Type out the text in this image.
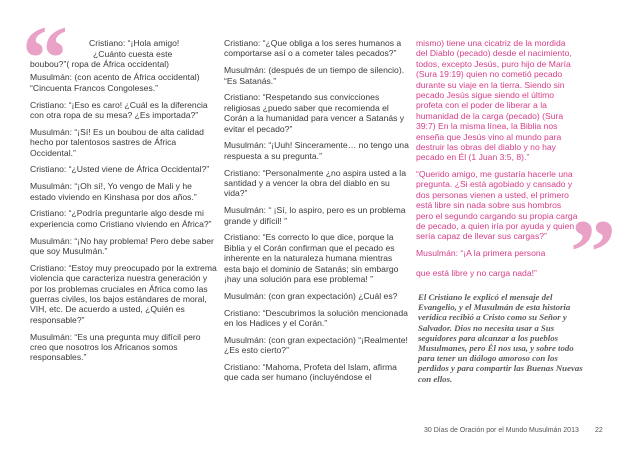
“	Cristiano: “¡Hola amigo!
¿Cuánto cuesta este

boubou?”( ropa de África occidental)

Musulmán: (con acento de África occidental) “Cincuenta Francos Congoleses.”

Cristiano: “¡Eso es caro! ¿Cuál es la diferencia con otra ropa de su mesa? ¿Es importada?”

Musulmán: “¡Sí! Es un boubou de alta calidad hecho por talentosos sastres de África Occidental.”

Cristiano: “¿Usted viene de África Occidental?”

Musulmán: “¡Oh sí!, Yo vengo de Mali y he estado viviendo en Kinshasa por dos años.”

Cristiano: “¿Podría preguntarle algo desde mi experiencia como Cristiano viviendo en África?”

Musulmán: “¡No hay problema! Pero debe saber que soy Musulmán.”

Cristiano: “Estoy muy preocupado por la extrema violencia que caracteriza nuestra generación y por los problemas cruciales en África como las guerras civiles, los bajos estándares de moral, VIH, etc. De acuerdo a usted, ¿Quién es responsable?”

Musulmán: “Es una pregunta muy difícil pero creo que nosotros los Africanos somos responsables.”

Cristiano: “¿Que obliga a los seres humanos a comportarse así o a cometer tales pecados?”

Musulmán: (después de un tiempo de silencio). “Es Satanás.”

Cristiano: “Respetando sus convicciones religiosas ¿puedo saber que recomienda el Corán a la humanidad para vencer a Satanás y evitar el pecado?”

Musulmán: “¡Uuh! Sinceramente… no tengo una respuesta a su pregunta.”

Cristiano: “Personalmente ¿no aspira usted a la santidad y a vencer la obra del diablo en su vida?”

Musulmán: “ ¡Sí, lo aspiro, pero es un problema grande y difícil! ”

Cristiano: “Es correcto lo que dice, porque la Biblia y el Corán confirman que el pecado es inherente en la naturaleza humana mientras esta bajo el dominio de Satanás; sin embargo ¡hay una solución para ese problema! ”

Musulmán: (con gran expectación) ¿Cuál es?

Cristiano: “Descubrimos la solución mencionada en los Hadices y el Corán.”

Musulmán: (con gran expectación) “¡Realmente! ¿Es esto cierto?”

Cristiano: “Mahoma, Profeta del Islam, afirma que cada ser humano (incluyéndose el

mismo) tiene una cicatriz de la mordida del Diablo (pecado) desde el nacimiento, todos, excepto Jesús, puro hijo de María (Sura 19:19) quien no cometió pecado durante su viaje en la tierra. Siendo sin pecado Jesús sigue siendo el último profeta con el poder de liberar a la humanidad de la carga (pecado) (Sura 39:7) En la misma línea, la Biblia nos enseña que Jesús vino al mundo para destruir las obras del diablo y no hay pecado en Él (1 Juan 3:5, 8).”

“Querido amigo, me gustaría hacerle una pregunta. ¿Si está agobiado y cansado y dos personas vienen a usted, el primero está libre sin nada sobre sus hombros pero el segundo cargando su propia carga de pecado, a quien iría por ayuda y quien sería capaz de llevar sus cargas?”

Musulmán: “¡A la primera persona ”
que está libre y no carga nada!”
El Cristiano le explicó el mensaje del Evangelio, y el Musulmán de esta historia verídica recibió a Cristo como su Señor y Salvador. Dios no necesita usar a Sus seguidores para alcanzar a los pueblos Musulmanes, pero Él nos usa, y sobre todo para tener un diálogo amoroso con los perdidos y para compartir las Buenas Nuevas con ellos.
30 Días de Oración por el Mundo Musulmán 2013 22
